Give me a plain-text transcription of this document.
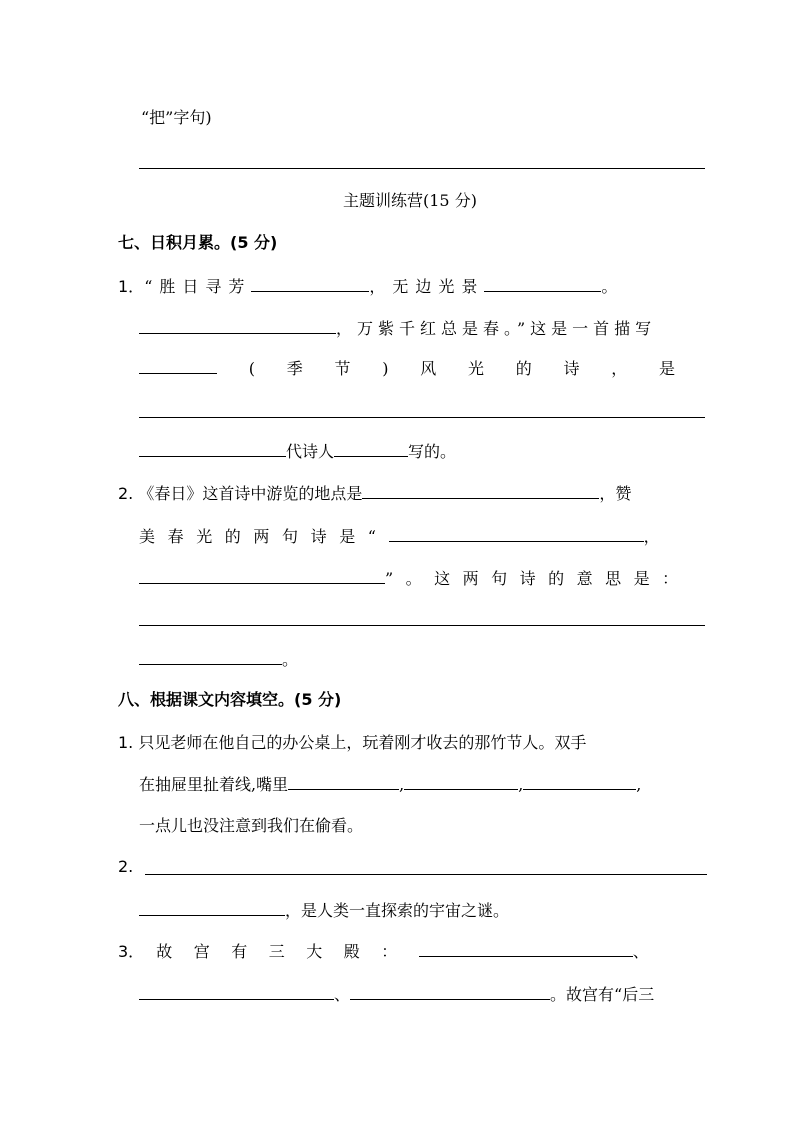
“把”字句)
主题训练营(15 分)
七、日积月累。(5 分)
1．“胜日寻芳	，无边光景	。
，万紫千红总是春。”这是一首描写
( 季 节 ) 风 光 的 诗 ， 是
代诗人	写的。
2. 《春日》这首诗中游览的地点是	，赞
美春光的两句诗是“	，
”。这两句诗的意思是：
。
八、根据课文内容填空。(5 分)
1. 只见老师在他自己的办公桌上，玩着刚才收去的那竹节人。双手
在抽屉里扯着线,嘴里	,	,	,
一点儿也没注意到我们在偷看。
2.
，是人类一直探索的宇宙之谜。
3． 故宫有三大殿：	、
、	。故宫有“后三
